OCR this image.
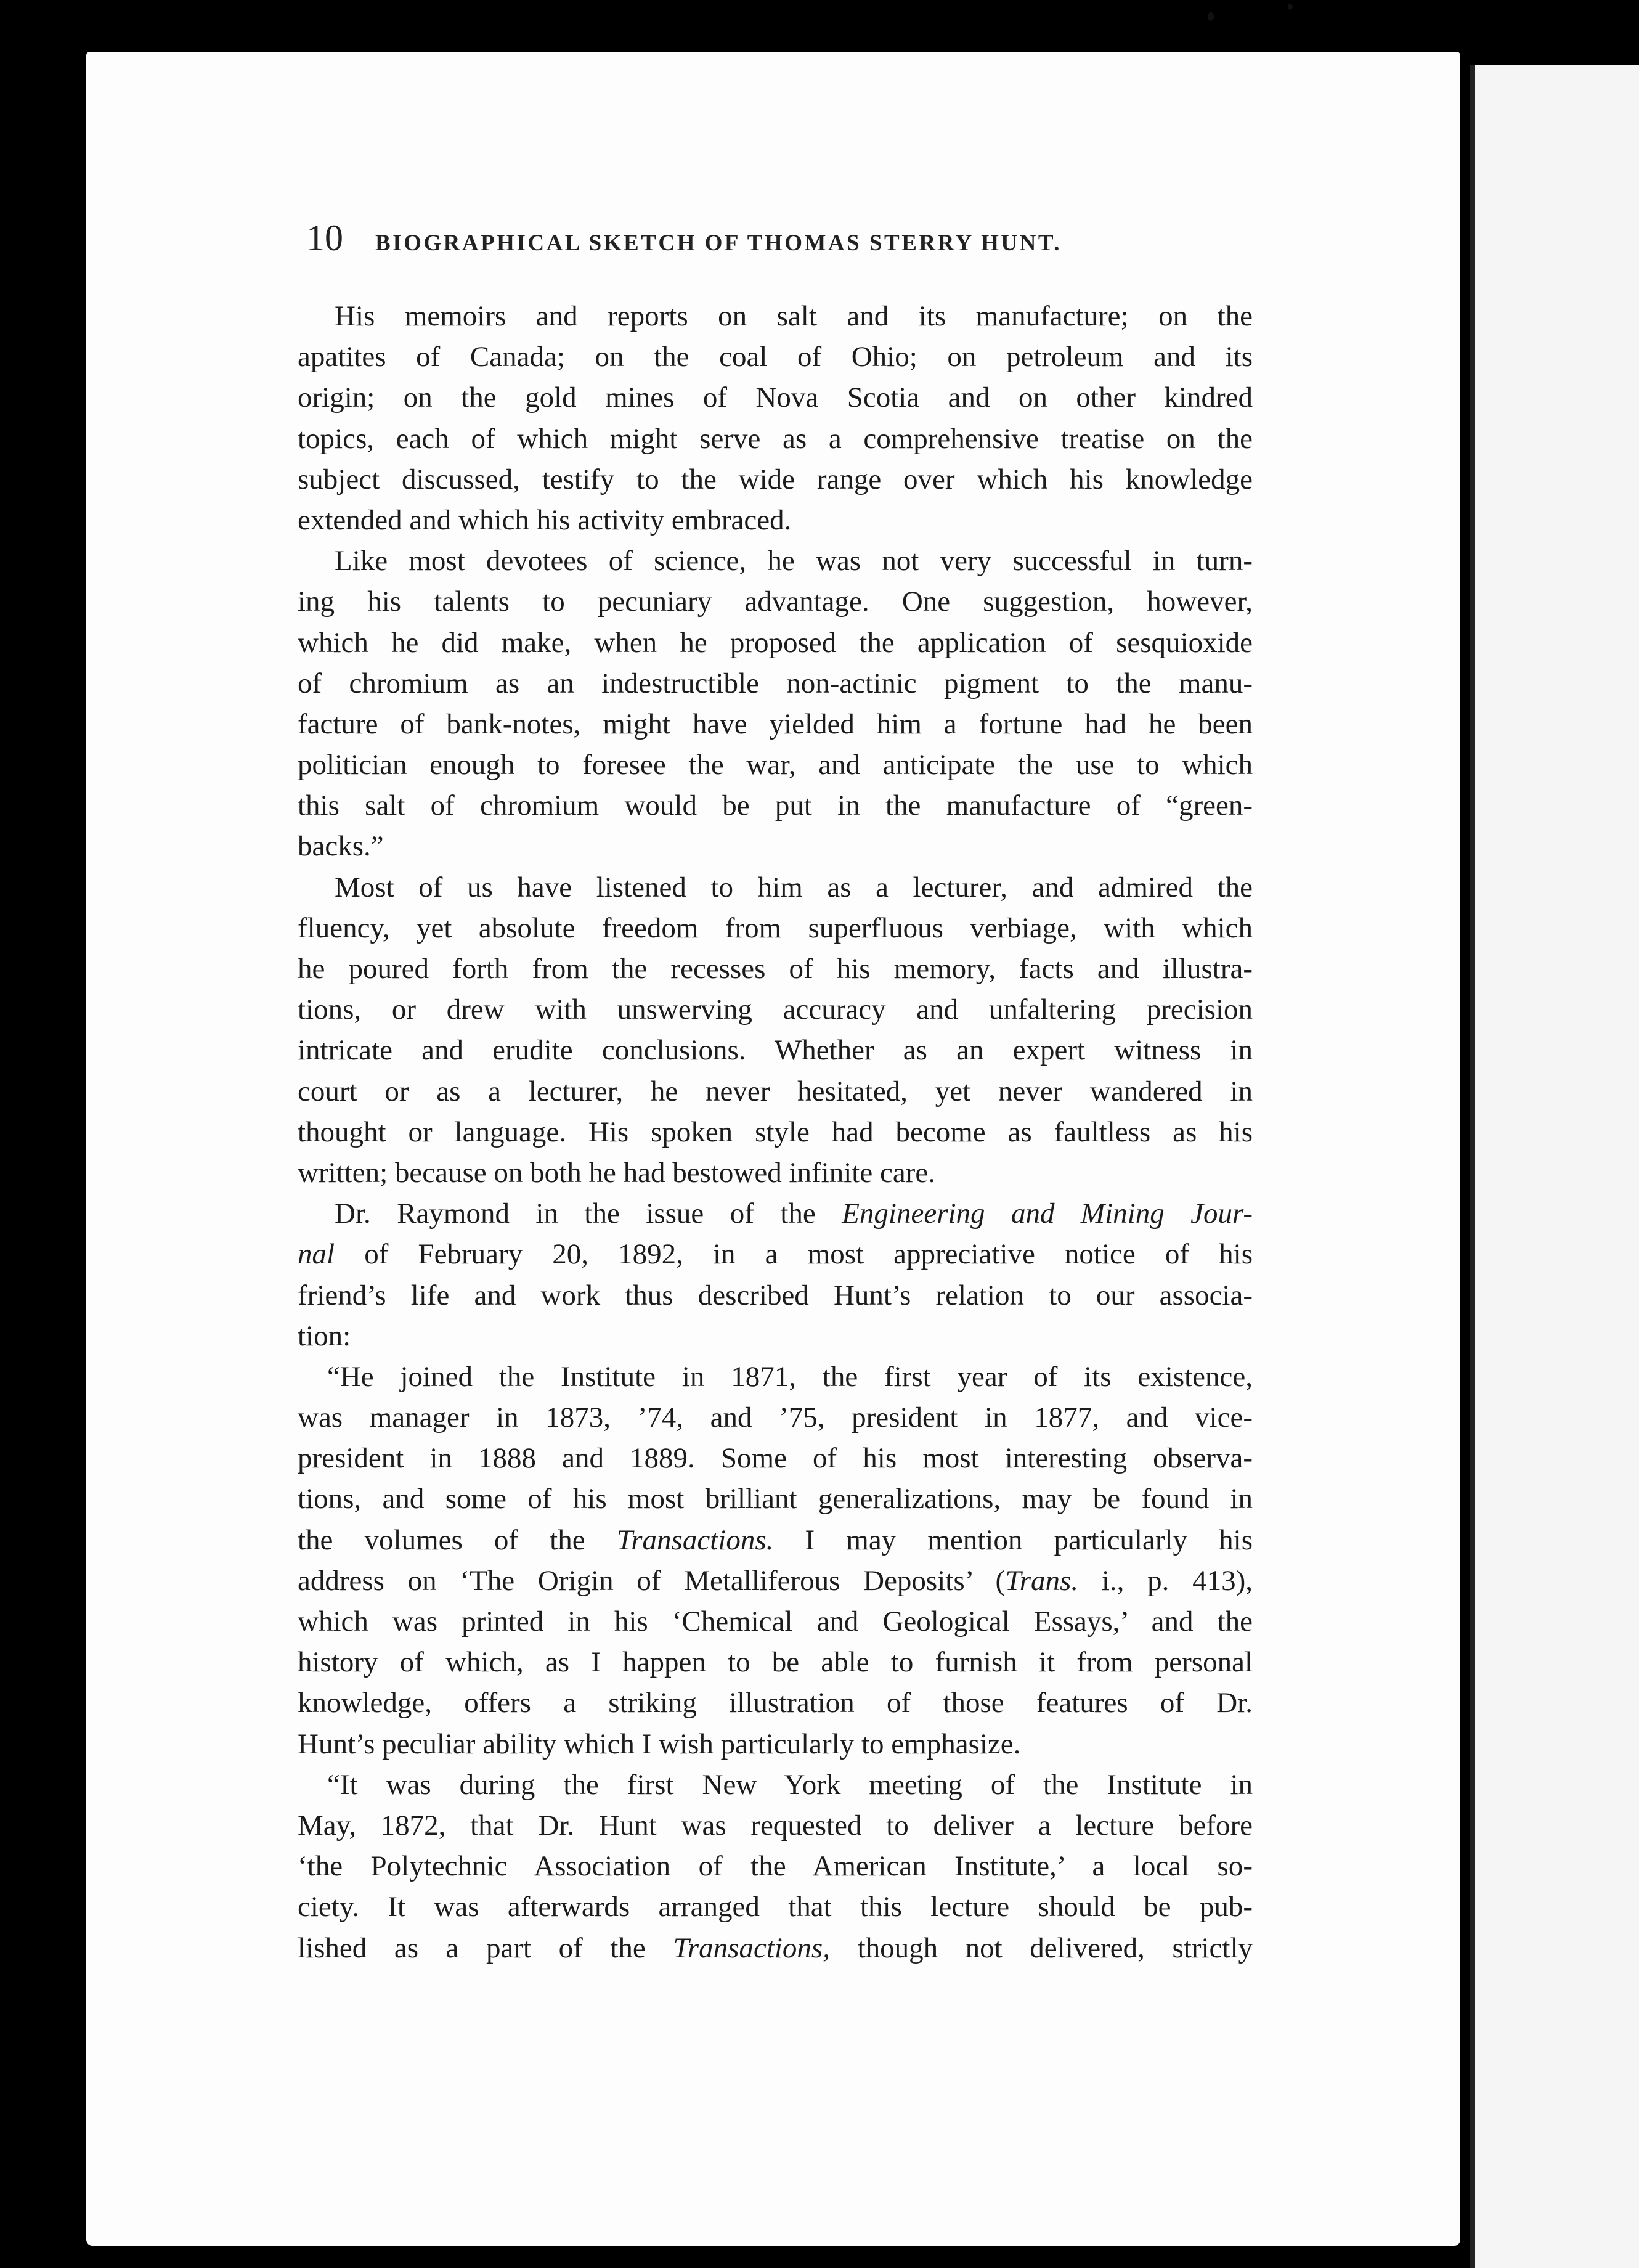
10 BIOGRAPHICAL SKETCH OF THOMAS STERRY HUNT.
His memoirs and reports on salt and its manufacture; on the
apatites of Canada; on the coal of Ohio; on petroleum and its
origin; on the gold mines of Nova Scotia and on other kindred
topics, each of which might serve as a comprehensive treatise on the
subject discussed, testify to the wide range over which his knowledge
extended and which his activity embraced.
Like most devotees of science, he was not very successful in turn-
ing his talents to pecuniary advantage. One suggestion, however,
which he did make, when he proposed the application of sesquioxide
of chromium as an indestructible non-actinic pigment to the manu-
facture of bank-notes, might have yielded him a fortune had he been
politician enough to foresee the war, and anticipate the use to which
this salt of chromium would be put in the manufacture of “green-
backs.”
Most of us have listened to him as a lecturer, and admired the
fluency, yet absolute freedom from superfluous verbiage, with which
he poured forth from the recesses of his memory, facts and illustra-
tions, or drew with unswerving accuracy and unfaltering precision
intricate and erudite conclusions. Whether as an expert witness in
court or as a lecturer, he never hesitated, yet never wandered in
thought or language. His spoken style had become as faultless as his
written; because on both he had bestowed infinite care.
Dr. Raymond in the issue of the Engineering and Mining Jour-
nal of February 20, 1892, in a most appreciative notice of his
friend’s life and work thus described Hunt’s relation to our associa-
tion:
“He joined the Institute in 1871, the first year of its existence,
was manager in 1873, ’74, and ’75, president in 1877, and vice-
president in 1888 and 1889. Some of his most interesting observa-
tions, and some of his most brilliant generalizations, may be found in
the volumes of the Transactions. I may mention particularly his
address on ‘The Origin of Metalliferous Deposits’ (Trans. i., p. 413),
which was printed in his ‘Chemical and Geological Essays,’ and the
history of which, as I happen to be able to furnish it from personal
knowledge, offers a striking illustration of those features of Dr.
Hunt’s peculiar ability which I wish particularly to emphasize.
“It was during the first New York meeting of the Institute in
May, 1872, that Dr. Hunt was requested to deliver a lecture before
‘the Polytechnic Association of the American Institute,’ a local so-
ciety. It was afterwards arranged that this lecture should be pub-
lished as a part of the Transactions, though not delivered, strictly
